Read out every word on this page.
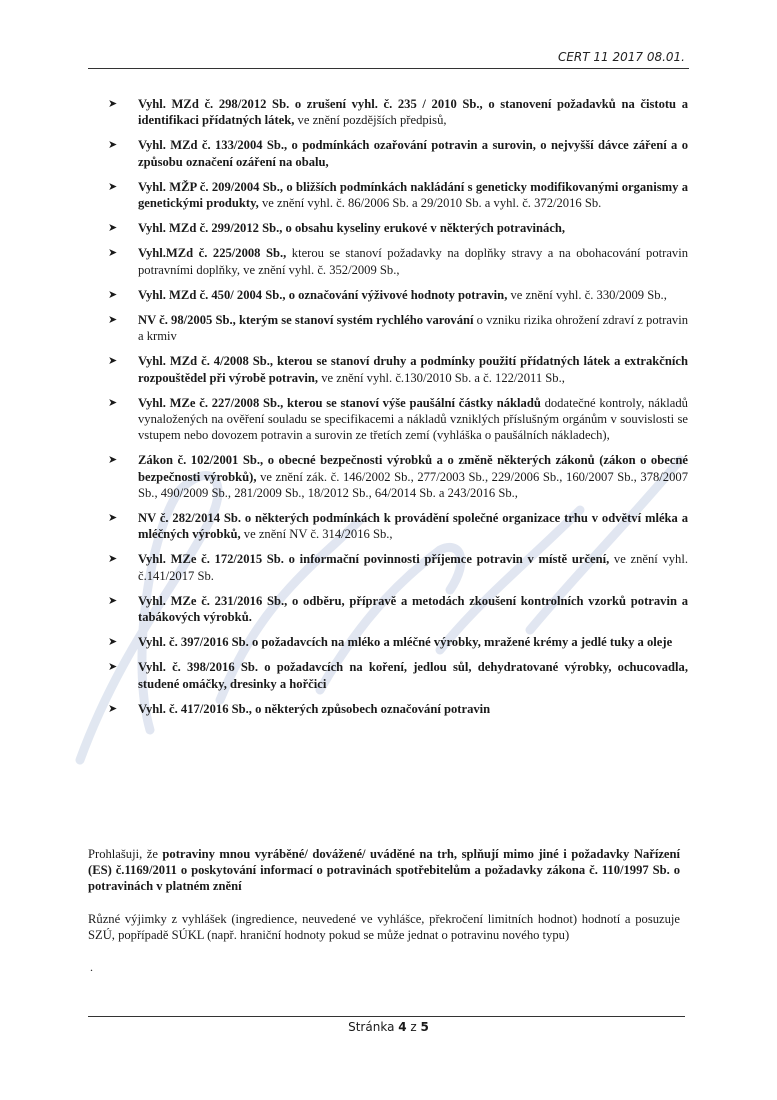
CERT 11 2017 08.01.
➤	Vyhl. MZd č. 298/2012 Sb. o zrušení vyhl. č. 235 / 2010 Sb., o stanovení požadavků na čistotu a identifikaci přídatných látek, ve znění pozdějších předpisů,
➤	Vyhl. MZd č. 133/2004 Sb., o podmínkách ozařování potravin a surovin, o nejvyšší dávce záření a o způsobu označení ozáření na obalu,
➤	Vyhl. MŽP č. 209/2004 Sb., o bližších podmínkách nakládání s geneticky modifikovanými organismy a genetickými produkty, ve znění vyhl. č. 86/2006 Sb. a 29/2010 Sb. a vyhl. č. 372/2016 Sb.
➤	Vyhl. MZd č. 299/2012 Sb., o obsahu kyseliny erukové v některých potravinách,
➤	Vyhl.MZd č. 225/2008 Sb., kterou se stanoví požadavky na doplňky stravy a na obohacování potravin potravními doplňky, ve znění vyhl. č. 352/2009 Sb.,
➤	Vyhl. MZd č. 450/ 2004 Sb., o označování výživové hodnoty potravin, ve znění vyhl. č. 330/2009 Sb.,
➤	NV č. 98/2005 Sb., kterým se stanoví systém rychlého varování o vzniku rizika ohrožení zdraví z potravin a krmiv
➤	Vyhl. MZd č. 4/2008 Sb., kterou se stanoví druhy a podmínky použití přídatných látek a extrakčních rozpouštědel při výrobě potravin, ve znění vyhl. č.130/2010 Sb. a č. 122/2011 Sb.,
➤	Vyhl. MZe č. 227/2008 Sb., kterou se stanoví výše paušální částky nákladů dodatečné kontroly, nákladů vynaložených na ověření souladu se specifikacemi a nákladů vzniklých příslušným orgánům v souvislosti se vstupem nebo dovozem potravin a surovin ze třetích zemí (vyhláška o paušálních nákladech),
➤	Zákon č. 102/2001 Sb., o obecné bezpečnosti výrobků a o změně některých zákonů (zákon o obecné bezpečnosti výrobků), ve znění zák. č. 146/2002 Sb., 277/2003 Sb., 229/2006 Sb., 160/2007 Sb., 378/2007 Sb., 490/2009 Sb., 281/2009 Sb., 18/2012 Sb., 64/2014 Sb. a 243/2016 Sb.,
➤	NV č. 282/2014 Sb. o některých podmínkách k provádění společné organizace trhu v odvětví mléka a mléčných výrobků, ve znění NV č. 314/2016 Sb.,
➤	Vyhl. MZe č. 172/2015 Sb. o informační povinnosti příjemce potravin v místě určení, ve znění vyhl. č.141/2017 Sb.
➤	Vyhl. MZe č. 231/2016 Sb., o odběru, přípravě a metodách zkoušení kontrolních vzorků potravin a tabákových výrobků.
➤	Vyhl. č. 397/2016 Sb. o požadavcích na mléko a mléčné výrobky, mražené krémy a jedlé tuky a oleje
➤	Vyhl. č. 398/2016 Sb. o požadavcích na koření, jedlou sůl, dehydratované výrobky, ochucovadla, studené omáčky, dresinky a hořčici
➤	Vyhl. č. 417/2016 Sb., o některých způsobech označování potravin
Prohlašuji, že potraviny mnou vyráběné/ dovážené/ uváděné na trh, splňují mimo jiné i požadavky Nařízení (ES) č.1169/2011 o poskytování informací o potravinách spotřebitelům a požadavky zákona č. 110/1997 Sb. o potravinách v platném znění
Různé výjimky z vyhlášek (ingredience, neuvedené ve vyhlášce, překročení limitních hodnot) hodnotí a posuzuje SZÚ, popřípadě SÚKL (např. hraniční hodnoty pokud se může jednat o potravinu nového typu)
.
Stránka 4 z 5
